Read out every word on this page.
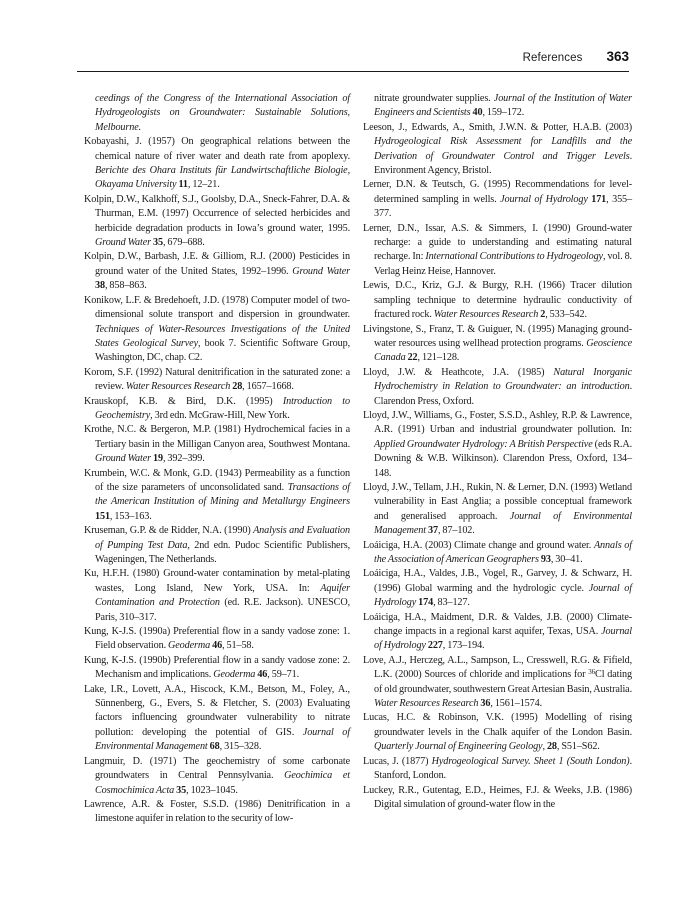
References 363

ceedings of the Congress of the International Association of Hydrogeologists on Groundwater: Sustainable Solutions, Melbourne.

Kobayashi, J. (1957) On geographical relations between the chemical nature of river water and death rate from apoplexy. Berichte des Ohara Instituts für Landwirtschaftliche Biologie, Okayama University 11, 12–21.

Kolpin, D.W., Kalkhoff, S.J., Goolsby, D.A., Sneck-Fahrer, D.A. & Thurman, E.M. (1997) Occurrence of selected herbicides and herbicide degradation products in Iowa’s ground water, 1995. Ground Water 35, 679–688.

Kolpin, D.W., Barbash, J.E. & Gilliom, R.J. (2000) Pesticides in ground water of the United States, 1992–1996. Ground Water 38, 858–863.

Konikow, L.F. & Bredehoeft, J.D. (1978) Computer model of two-dimensional solute transport and dispersion in groundwater. Techniques of Water-Resources Investigations of the United States Geological Survey, book 7. Scientific Software Group, Washington, DC, chap. C2.

Korom, S.F. (1992) Natural denitrification in the saturated zone: a review. Water Resources Research 28, 1657–1668.

Krauskopf, K.B. & Bird, D.K. (1995) Introduction to Geochemistry, 3rd edn. McGraw-Hill, New York.

Krothe, N.C. & Bergeron, M.P. (1981) Hydrochemical facies in a Tertiary basin in the Milligan Canyon area, Southwest Montana. Ground Water 19, 392–399.

Krumbein, W.C. & Monk, G.D. (1943) Permeability as a function of the size parameters of unconsolidated sand. Transactions of the American Institution of Mining and Metallurgy Engineers 151, 153–163.

Kruseman, G.P. & de Ridder, N.A. (1990) Analysis and Evaluation of Pumping Test Data, 2nd edn. Pudoc Scientific Publishers, Wageningen, The Netherlands.

Ku, H.F.H. (1980) Ground-water contamination by metal-plating wastes, Long Island, New York, USA. In: Aquifer Contamination and Protection (ed. R.E. Jackson). UNESCO, Paris, 310–317.

Kung, K-J.S. (1990a) Preferential flow in a sandy vadose zone: 1. Field observation. Geoderma 46, 51–58.

Kung, K-J.S. (1990b) Preferential flow in a sandy vadose zone: 2. Mechanism and implications. Geoderma 46, 59–71.

Lake, I.R., Lovett, A.A., Hiscock, K.M., Betson, M., Foley, A., Sünnenberg, G., Evers, S. & Fletcher, S. (2003) Evaluating factors influencing groundwater vulnerability to nitrate pollution: developing the potential of GIS. Journal of Environmental Management 68, 315–328.

Langmuir, D. (1971) The geochemistry of some carbonate groundwaters in Central Pennsylvania. Geochimica et Cosmochimica Acta 35, 1023–1045.

Lawrence, A.R. & Foster, S.S.D. (1986) Denitrification in a limestone aquifer in relation to the security of low-

nitrate groundwater supplies. Journal of the Institution of Water Engineers and Scientists 40, 159–172.

Leeson, J., Edwards, A., Smith, J.W.N. & Potter, H.A.B. (2003) Hydrogeological Risk Assessment for Landfills and the Derivation of Groundwater Control and Trigger Levels. Environment Agency, Bristol.

Lerner, D.N. & Teutsch, G. (1995) Recommendations for level-determined sampling in wells. Journal of Hydrology 171, 355–377.

Lerner, D.N., Issar, A.S. & Simmers, I. (1990) Ground-water recharge: a guide to understanding and estimating natural recharge. In: International Contributions to Hydrogeology, vol. 8. Verlag Heinz Heise, Hannover.

Lewis, D.C., Kriz, G.J. & Burgy, R.H. (1966) Tracer dilution sampling technique to determine hydraulic conductivity of fractured rock. Water Resources Research 2, 533–542.

Livingstone, S., Franz, T. & Guiguer, N. (1995) Managing ground-water resources using wellhead protection programs. Geoscience Canada 22, 121–128.

Lloyd, J.W. & Heathcote, J.A. (1985) Natural Inorganic Hydrochemistry in Relation to Groundwater: an introduction. Clarendon Press, Oxford.

Lloyd, J.W., Williams, G., Foster, S.S.D., Ashley, R.P. & Lawrence, A.R. (1991) Urban and industrial groundwater pollution. In: Applied Groundwater Hydrology: A British Perspective (eds R.A. Downing & W.B. Wilkinson). Clarendon Press, Oxford, 134–148.

Lloyd, J.W., Tellam, J.H., Rukin, N. & Lerner, D.N. (1993) Wetland vulnerability in East Anglia; a possible conceptual framework and generalised approach. Journal of Environmental Management 37, 87–102.

Loáiciga, H.A. (2003) Climate change and ground water. Annals of the Association of American Geographers 93, 30–41.

Loáiciga, H.A., Valdes, J.B., Vogel, R., Garvey, J. & Schwarz, H. (1996) Global warming and the hydrologic cycle. Journal of Hydrology 174, 83–127.

Loáiciga, H.A., Maidment, D.R. & Valdes, J.B. (2000) Climate-change impacts in a regional karst aquifer, Texas, USA. Journal of Hydrology 227, 173–194.

Love, A.J., Herczeg, A.L., Sampson, L., Cresswell, R.G. & Fifield, L.K. (2000) Sources of chloride and implications for $^{36}$Cl dating of old groundwater, southwestern Great Artesian Basin, Australia. Water Resources Research 36, 1561–1574.

Lucas, H.C. & Robinson, V.K. (1995) Modelling of rising groundwater levels in the Chalk aquifer of the London Basin. Quarterly Journal of Engineering Geology, 28, S51–S62.

Lucas, J. (1877) Hydrogeological Survey. Sheet 1 (South London). Stanford, London.

Luckey, R.R., Gutentag, E.D., Heimes, F.J. & Weeks, J.B. (1986) Digital simulation of ground-water flow in the
